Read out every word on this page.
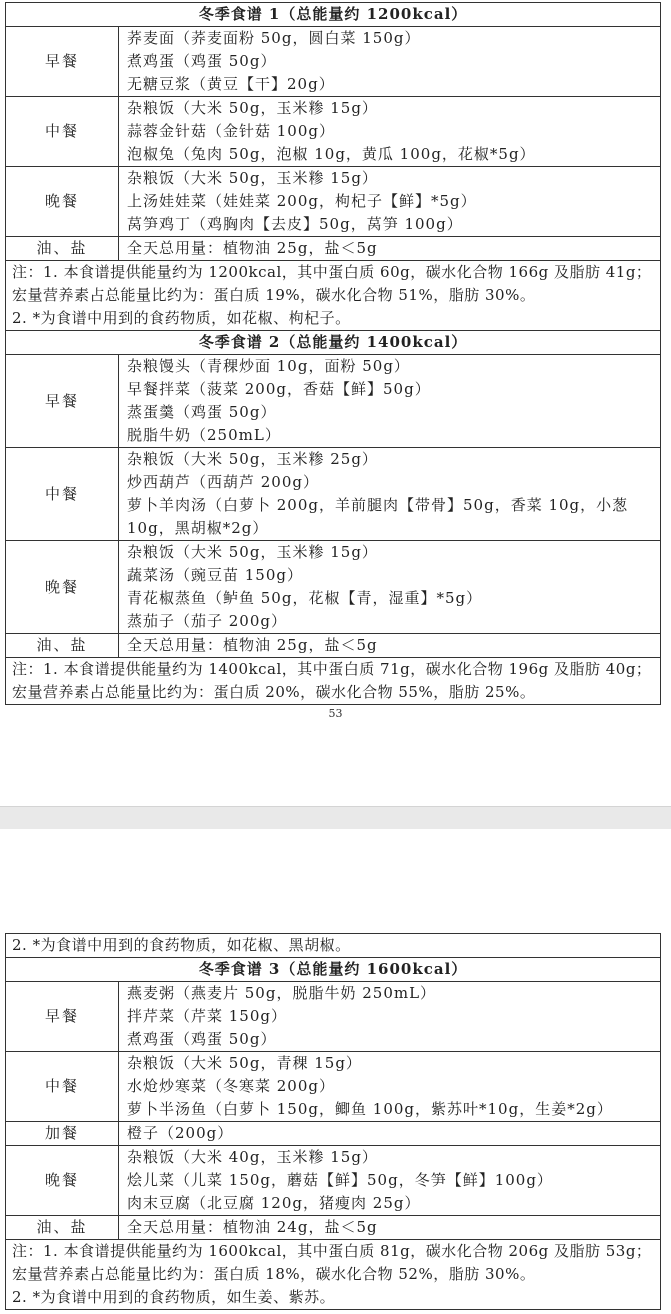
冬季食谱 1（总能量约 1200kcal）	
早餐	荞麦面（荞麦面粉 50g，圆白菜 150g）
煮鸡蛋（鸡蛋 50g）
无糖豆浆（黄豆【干】20g）

中餐	杂粮饭（大米 50g，玉米糁 15g）
蒜蓉金针菇（金针菇 100g）
泡椒兔（兔肉 50g，泡椒 10g，黄瓜 100g，花椒*5g）

晚餐	杂粮饭（大米 50g，玉米糁 15g）
上汤娃娃菜（娃娃菜 200g，枸杞子【鲜】*5g）
莴笋鸡丁（鸡胸肉【去皮】50g，莴笋 100g）

油、盐	全天总用量：植物油 25g，盐＜5g

注：1. 本食谱提供能量约为 1200kcal，其中蛋白质 60g，碳水化合物 166g 及脂肪 41g；宏量营养素占总能量比约为：蛋白质 19%，碳水化合物 51%，脂肪 30%。
2. *为食谱中用到的食药物质，如花椒、枸杞子。	

冬季食谱 2（总能量约 1400kcal）	
早餐	杂粮馒头（青稞炒面 10g，面粉 50g）
早餐拌菜（菠菜 200g，香菇【鲜】50g）
蒸蛋羹（鸡蛋 50g）
脱脂牛奶（250mL）

中餐	杂粮饭（大米 50g，玉米糁 25g）
炒西葫芦（西葫芦 200g）
萝卜羊肉汤（白萝卜 200g，羊前腿肉【带骨】50g，香菜 10g，小葱 10g，黑胡椒*2g）

晚餐	杂粮饭（大米 50g，玉米糁 15g）
蔬菜汤（豌豆苗 150g）
青花椒蒸鱼（鲈鱼 50g，花椒【青，湿重】*5g）
蒸茄子（茄子 200g）

油、盐	全天总用量：植物油 25g，盐＜5g

注：1. 本食谱提供能量约为 1400kcal，其中蛋白质 71g，碳水化合物 196g 及脂肪 40g；宏量营养素占总能量比约为：蛋白质 20%，碳水化合物 55%，脂肪 25%。	
53
2. *为食谱中用到的食药物质，如花椒、黑胡椒。	
冬季食谱 3（总能量约 1600kcal）	
早餐	燕麦粥（燕麦片 50g，脱脂牛奶 250mL）
拌芹菜（芹菜 150g）
煮鸡蛋（鸡蛋 50g）

中餐	杂粮饭（大米 50g，青稞 15g）
水炝炒寒菜（冬寒菜 200g）
萝卜半汤鱼（白萝卜 150g，鲫鱼 100g，紫苏叶*10g，生姜*2g）

加餐	橙子（200g）

晚餐	杂粮饭（大米 40g，玉米糁 15g）
烩儿菜（儿菜 150g，蘑菇【鲜】50g，冬笋【鲜】100g）
肉末豆腐（北豆腐 120g，猪瘦肉 25g）

油、盐	全天总用量：植物油 24g，盐＜5g

注：1. 本食谱提供能量约为 1600kcal，其中蛋白质 81g，碳水化合物 206g 及脂肪 53g；宏量营养素占总能量比约为：蛋白质 18%，碳水化合物 52%，脂肪 30%。
2. *为食谱中用到的食药物质，如生姜、紫苏。	
